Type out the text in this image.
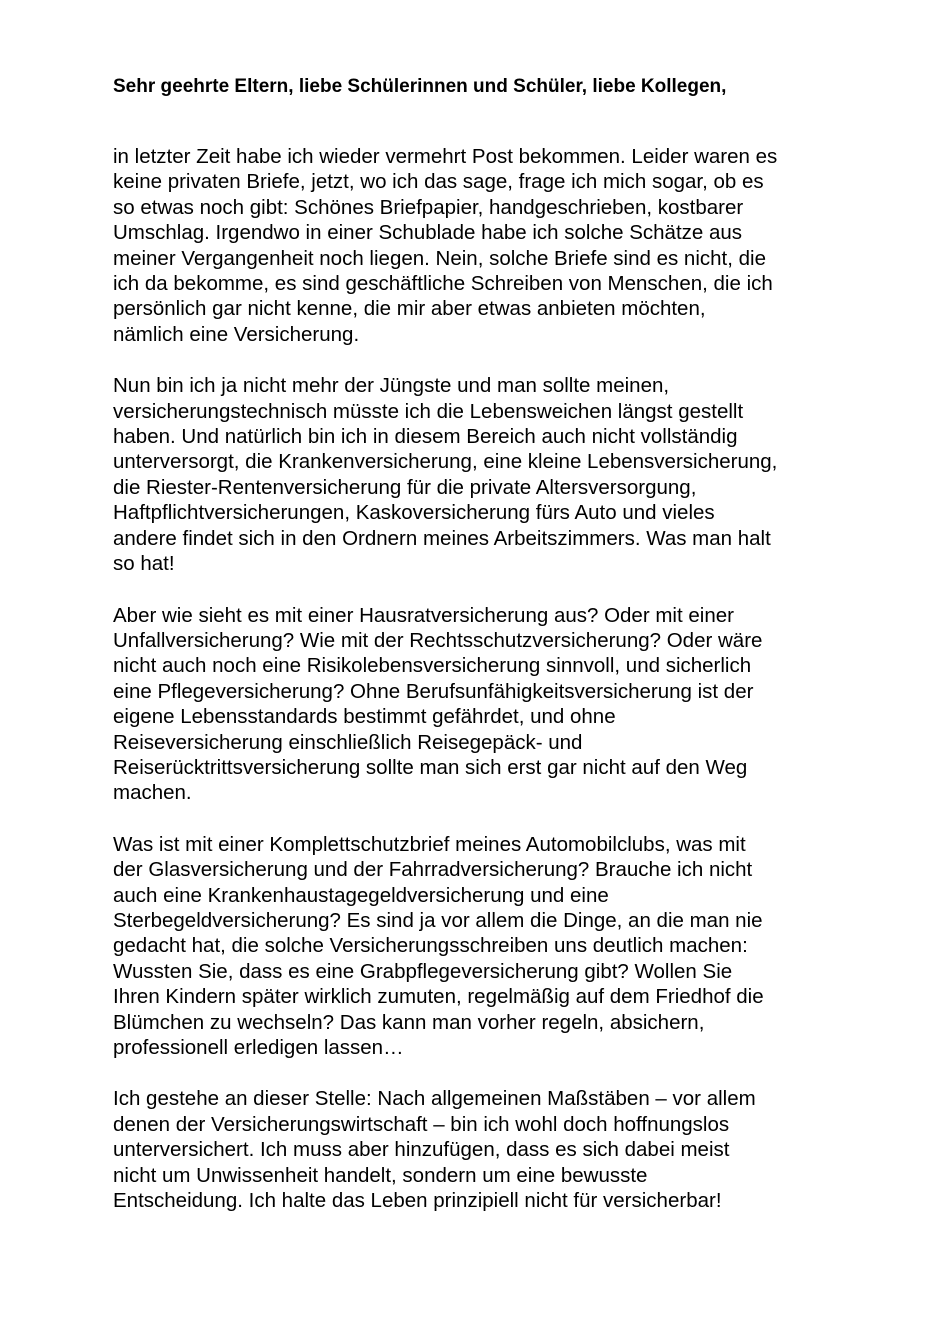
Sehr geehrte Eltern, liebe Schülerinnen und Schüler, liebe Kollegen,

in letzter Zeit habe ich wieder vermehrt Post bekommen. Leider waren es
keine privaten Briefe, jetzt, wo ich das sage, frage ich mich sogar, ob es
so etwas noch gibt: Schönes Briefpapier, handgeschrieben, kostbarer
Umschlag. Irgendwo in einer Schublade habe ich solche Schätze aus
meiner Vergangenheit noch liegen. Nein, solche Briefe sind es nicht, die
ich da bekomme, es sind geschäftliche Schreiben von Menschen, die ich
persönlich gar nicht kenne, die mir aber etwas anbieten möchten,
nämlich eine Versicherung.

Nun bin ich ja nicht mehr der Jüngste und man sollte meinen,
versicherungstechnisch müsste ich die Lebensweichen längst gestellt
haben. Und natürlich bin ich in diesem Bereich auch nicht vollständig
unterversorgt, die Krankenversicherung, eine kleine Lebensversicherung,
die Riester-Rentenversicherung für die private Altersversorgung,
Haftpflichtversicherungen, Kaskoversicherung fürs Auto und vieles
andere findet sich in den Ordnern meines Arbeitszimmers. Was man halt
so hat!

Aber wie sieht es mit einer Hausratversicherung aus? Oder mit einer
Unfallversicherung? Wie mit der Rechtsschutzversicherung? Oder wäre
nicht auch noch eine Risikolebensversicherung sinnvoll, und sicherlich
eine Pflegeversicherung? Ohne Berufsunfähigkeitsversicherung ist der
eigene Lebensstandards bestimmt gefährdet, und ohne
Reiseversicherung einschließlich Reisegepäck- und
Reiserücktrittsversicherung sollte man sich erst gar nicht auf den Weg
machen.

Was ist mit einer Komplettschutzbrief meines Automobilclubs, was mit
der Glasversicherung und der Fahrradversicherung? Brauche ich nicht
auch eine Krankenhaustagegeldversicherung und eine
Sterbegeldversicherung? Es sind ja vor allem die Dinge, an die man nie
gedacht hat, die solche Versicherungsschreiben uns deutlich machen:
Wussten Sie, dass es eine Grabpflegeversicherung gibt? Wollen Sie
Ihren Kindern später wirklich zumuten, regelmäßig auf dem Friedhof die
Blümchen zu wechseln? Das kann man vorher regeln, absichern,
professionell erledigen lassen…

Ich gestehe an dieser Stelle: Nach allgemeinen Maßstäben – vor allem
denen der Versicherungswirtschaft – bin ich wohl doch hoffnungslos
unterversichert. Ich muss aber hinzufügen, dass es sich dabei meist
nicht um Unwissenheit handelt, sondern um eine bewusste
Entscheidung. Ich halte das Leben prinzipiell nicht für versicherbar!
